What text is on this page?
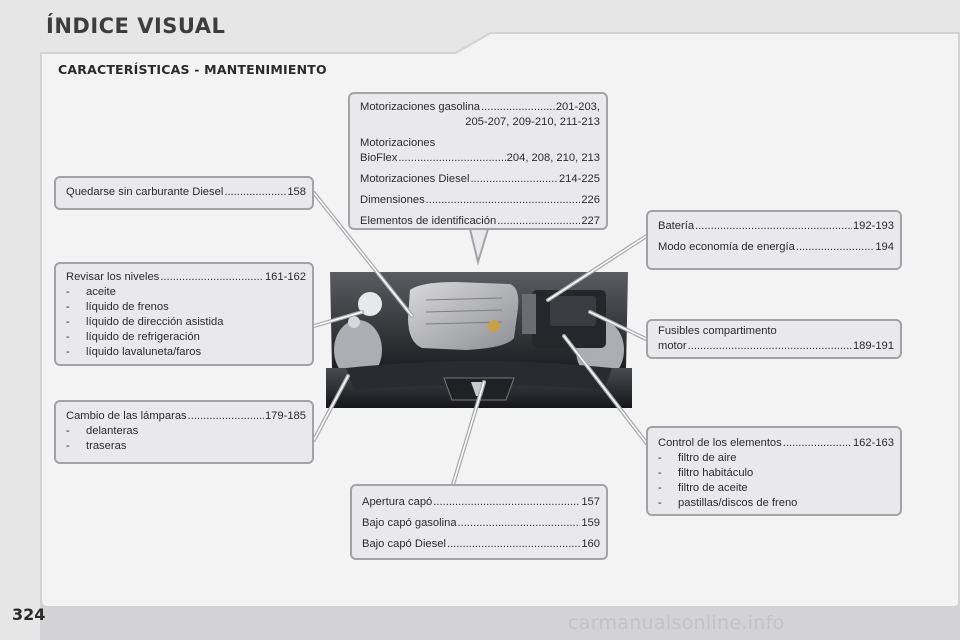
ÍNDICE VISUAL
CARACTERÍSTICAS - MANTENIMIENTO
Motorizaciones gasolina .....	201-203,
205-207, 209-210, 211-213
Motorizaciones
BioFlex .....	204, 208, 210, 213
Motorizaciones Diesel .....	214-225
Dimensiones .....	226
Elementos de identificación .....	227
Quedarse sin carburante Diesel .....	158
Revisar los niveles .....	161-162
-	aceite
-	líquido de frenos
-	líquido de dirección asistida
-	líquido de refrigeración
-	líquido lavaluneta/faros
Cambio de las lámparas .....	179-185
-	delanteras
-	traseras
Batería .....	192-193
Modo economía de energía .....	194
Fusibles compartimento
motor .....	189-191
Control de los elementos .....	162-163
-	filtro de aire
-	filtro habitáculo
-	filtro de aceite
-	pastillas/discos de freno
Apertura capó .....	157
Bajo capó gasolina .....	159
Bajo capó Diesel .....	160
324	carmanualsonline.info
